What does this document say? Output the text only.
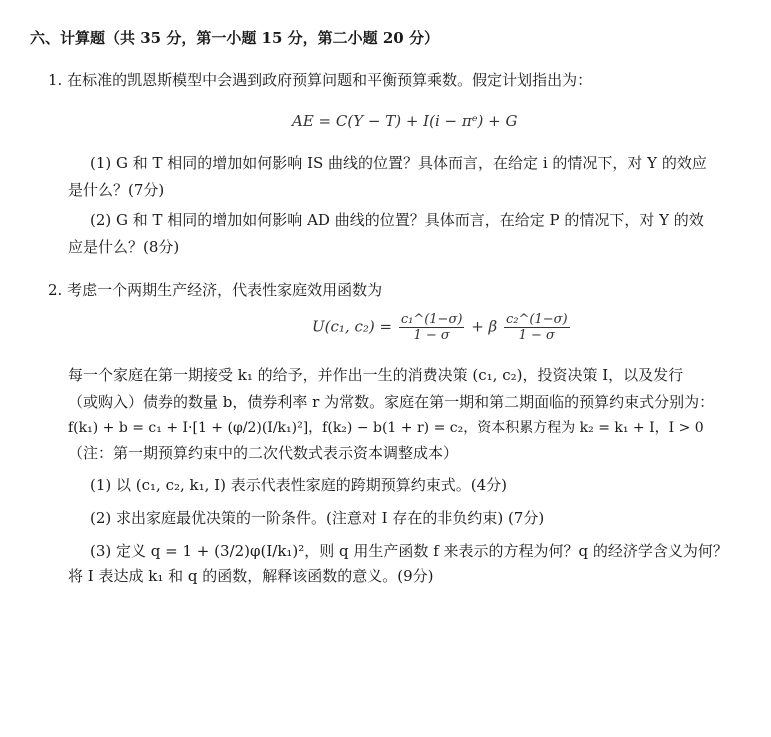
六、计算题（共 35 分，第一小题 15 分，第二小题 20 分）
1. 在标准的凯恩斯模型中会遇到政府预算问题和平衡预算乘数。假定计划指出为：
AE = C(Y − T) + I(i − πᵉ) + G
(1) G 和 T 相同的增加如何影响 IS 曲线的位置？具体而言，在给定 i 的情况下，对 Y 的效应
是什么？(7分)
(2) G 和 T 相同的增加如何影响 AD 曲线的位置？具体而言，在给定 P 的情况下，对 Y 的效
应是什么？(8分)
2. 考虑一个两期生产经济，代表性家庭效用函数为
U(c₁, $c_2) = \frac{\text{c₁\textasciicircum{}(1−σ)}}{1 - \sigma} + \beta \frac{\text{c₂\textasciicircum{}(1−σ)}}{1 - \sigma}$
每一个家庭在第一期接受 k₁ 的给予，并作出一生的消费决策 (c₁, c₂)，投资决策 I，以及发行
（或购入）债券的数量 b，债券利率 r 为常数。家庭在第一期和第二期面临的预算约束式分别为：
f(k₁) + b = c₁ + I·[1 + (φ/2)(I/k₁)²]，f(k₂) − b(1 + r) = c₂，资本积累方程为 k₂ = k₁ + I，I > 0
（注：第一期预算约束中的二次代数式表示资本调整成本）
(1) 以 (c₁, c₂, k₁, I) 表示代表性家庭的跨期预算约束式。(4分)
(2) 求出家庭最优决策的一阶条件。(注意对 I 存在的非负约束) (7分)
(3) 定义 q = 1 + (3/2)φ(I/k₁)²，则 q 用生产函数 f 来表示的方程为何？q 的经济学含义为何？
将 I 表达成 k₁ 和 q 的函数，解释该函数的意义。(9分)
